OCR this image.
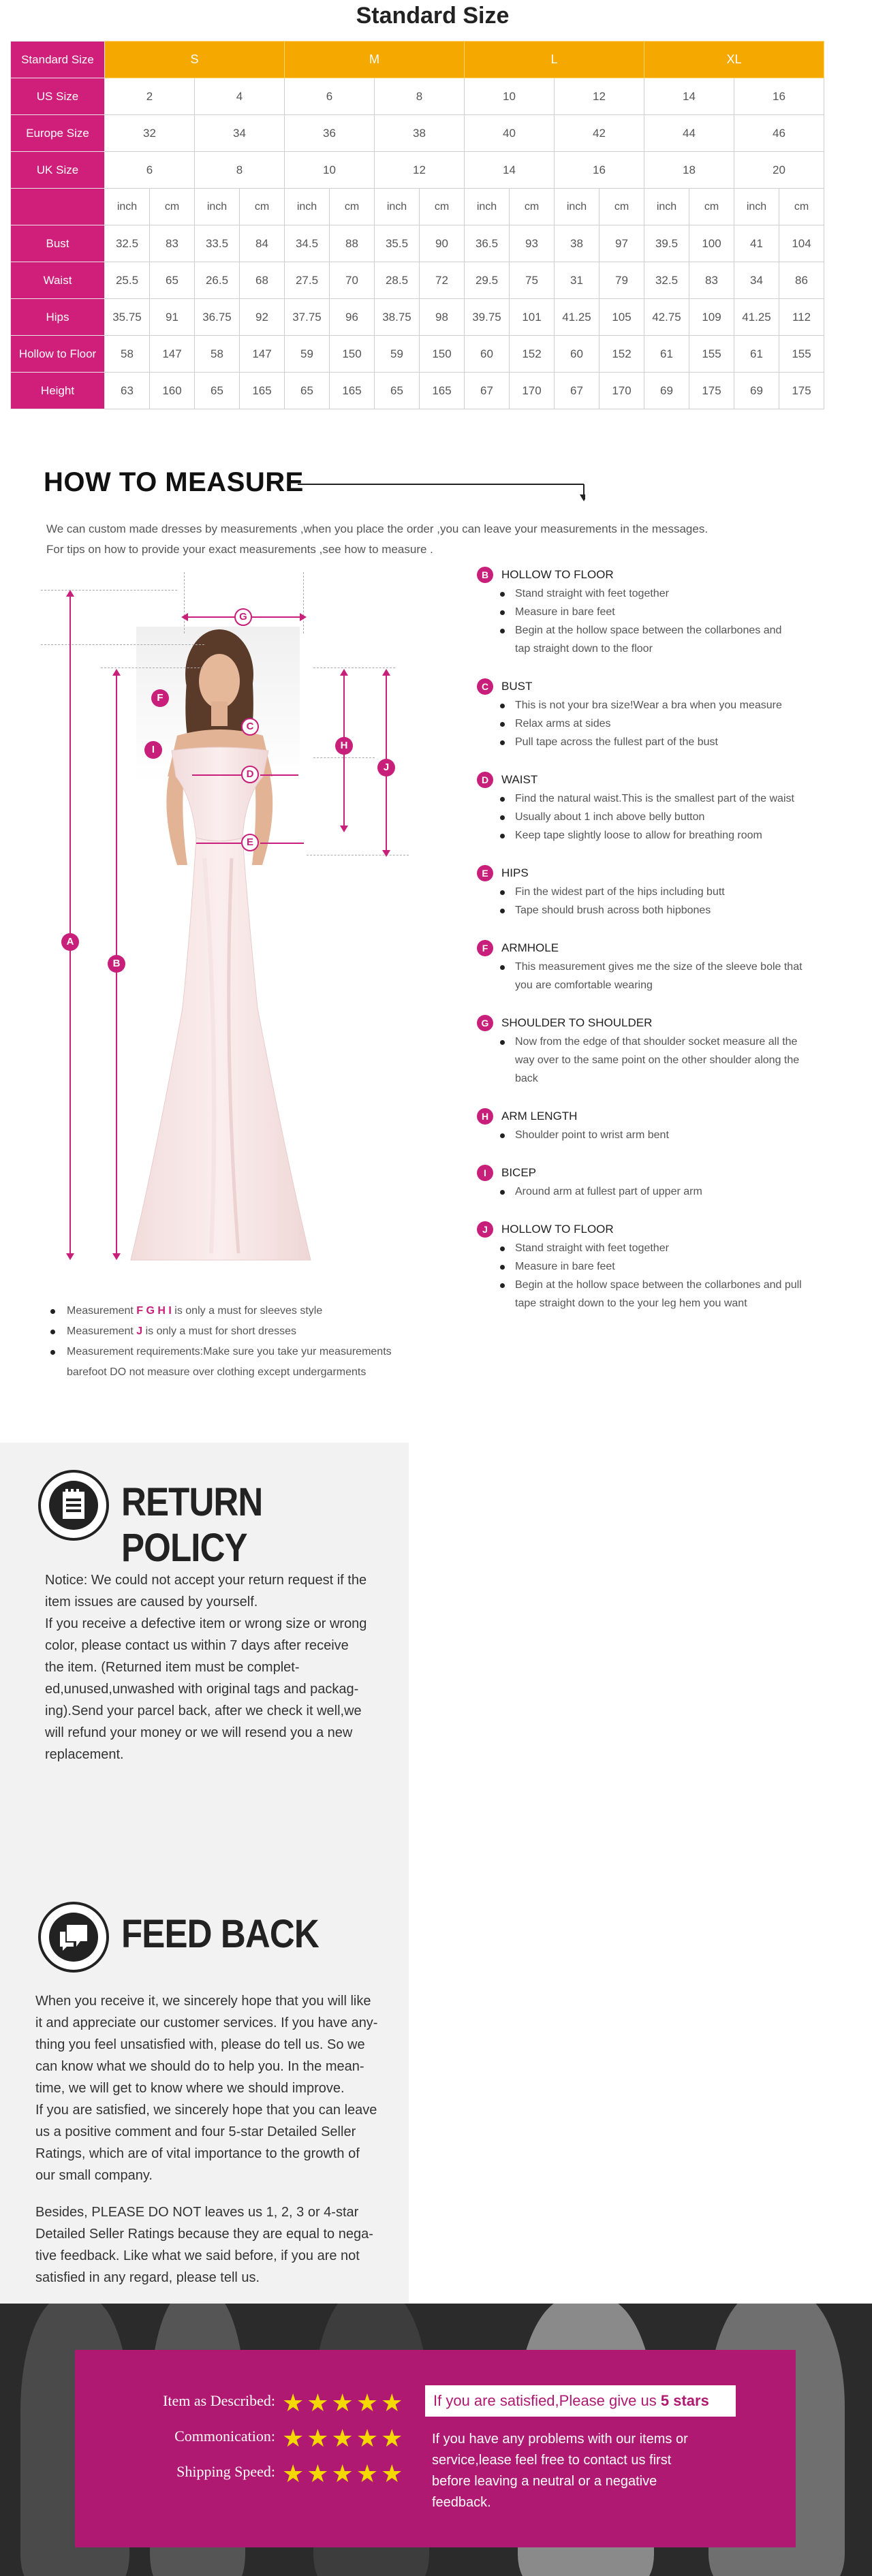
Standard Size
Standard Size	S				M				L				XL			
US Size	2		4		6		8		10		12		14		16	
Europe Size	32		34		36		38		40		42		44		46	
UK Size	6		8		10		12		14		16		18		20	
	inch	cm	inch	cm	inch	cm	inch	cm	inch	cm	inch	cm	inch	cm	inch	cm
Bust	32.5	83	33.5	84	34.5	88	35.5	90	36.5	93	38	97	39.5	100	41	104
Waist	25.5	65	26.5	68	27.5	70	28.5	72	29.5	75	31	79	32.5	83	34	86
Hips	35.75	91	36.75	92	37.75	96	38.75	98	39.75	101	41.25	105	42.75	109	41.25	112
Hollow to Floor	58	147	58	147	59	150	59	150	60	152	60	152	61	155	61	155
Height	63	160	65	165	65	165	65	165	67	170	67	170	69	175	69	175
HOW TO MEASURE
We can custom made dresses by measurements ,when you place the order ,you can leave your measurements in the messages.
For tips on how to provide your exact measurements ,see how to measure .
G
A
B
F
I
C
D
E
H
J
B	HOLLOW TO FLOOR
Stand straight with feet together
Measure in bare feet
Begin at the hollow space between the collarbones and
tap straight down to the floor
C	BUST
This is not your bra size!Wear a bra when you measure
Relax arms at sides
Pull tape across the fullest part of the bust
D	WAIST
Find the natural waist.This is the smallest part of the waist
Usually about 1 inch above belly button
Keep tape slightly loose to allow for breathing room
E	HIPS
Fin the widest part of the hips including butt
Tape should brush across both hipbones
F	ARMHOLE
This measurement gives me the size of the sleeve bole that
you are comfortable wearing
G	SHOULDER TO SHOULDER
Now from the edge of that shoulder socket measure all the
way over to the same point on the other shoulder along the
back
H	ARM LENGTH
Shoulder point to wrist arm bent
I	BICEP
Around arm at fullest part of upper arm
J	HOLLOW TO FLOOR
Stand straight with feet together
Measure in bare feet
Begin at the hollow space between the collarbones and pull
tape straight down to the your leg hem you want
Measurement F G H I is only a must for sleeves style
Measurement J is only a must for short dresses
Measurement requirements:Make sure you take yur measurements
barefoot DO not measure over clothing except undergarments
RETURN POLICY
Notice: We could not accept your return request if the
item issues are caused by yourself.
If you receive a defective item or wrong size or wrong
color, please contact us within 7 days after receive
the item. (Returned item must be complet-
ed,unused,unwashed with original tags and packag-
ing).Send your parcel back, after we check it well,we
will refund your money or we will resend you a new
replacement.
FEED BACK
When you receive it, we sincerely hope that you will like
it and appreciate our customer services. If you have any-
thing you feel unsatisfied with, please do tell us. So we
can know what we should do to help you. In the mean-
time, we will get to know where we should improve.
If you are satisfied, we sincerely hope that you can leave
us a positive comment and four 5-star Detailed Seller
Ratings, which are of vital importance to the growth of
our small company.
Besides, PLEASE DO NOT leaves us 1, 2, 3 or 4-star
Detailed Seller Ratings because they are equal to nega-
tive feedback. Like what we said before, if you are not
satisfied in any regard, please tell us.
Item as Described: ★★★★★
Commonication: ★★★★★
Shipping Speed: ★★★★★
If you are satisfied,Please give us 5 stars
If you have any problems with our items or
service,lease feel free to contact us first
before leaving a neutral or a negative
feedback.
